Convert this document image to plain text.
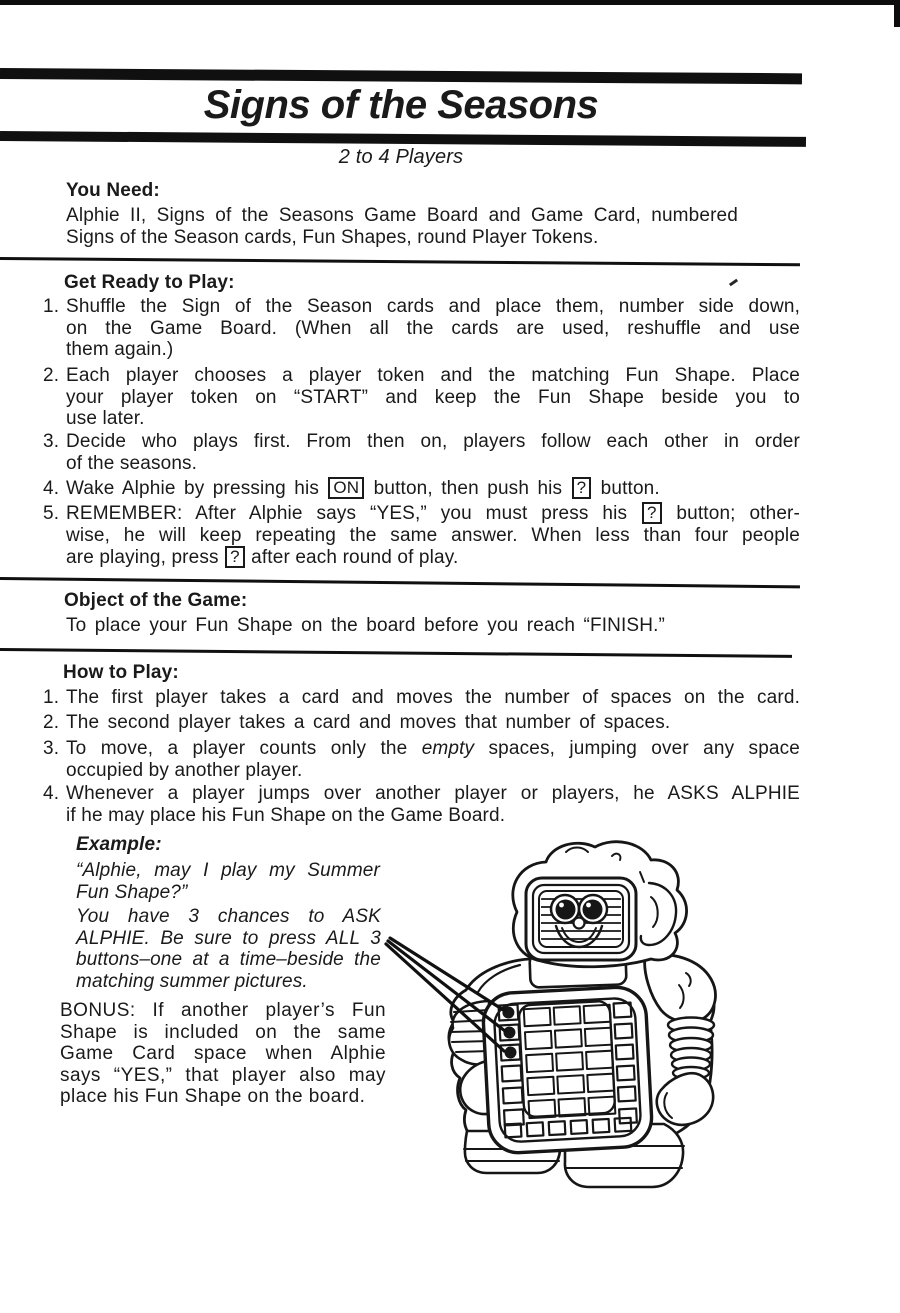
Signs of the Seasons
2 to 4 Players
You Need:
Alphie II, Signs of the Seasons Game Board and Game Card, numbered
Signs of the Season cards, Fun Shapes, round Player Tokens.
Get Ready to Play:
1. Shuffle the Sign of the Season cards and place them, number side down,
on the Game Board. (When all the cards are used, reshuffle and use
them again.)
2. Each player chooses a player token and the matching Fun Shape. Place
your player token on “START” and keep the Fun Shape beside you to
use later.
3. Decide who plays first. From then on, players follow each other in order
of the seasons.
4. Wake Alphie by pressing his ON button, then push his ? button.
5. REMEMBER: After Alphie says “YES,” you must press his ? button; other-
wise, he will keep repeating the same answer. When less than four people
are playing, press ? after each round of play.
Object of the Game:
To place your Fun Shape on the board before you reach “FINISH.”
How to Play:
1. The first player takes a card and moves the number of spaces on the card.
2. The second player takes a card and moves that number of spaces.
3. To move, a player counts only the empty spaces, jumping over any space
occupied by another player.
4. Whenever a player jumps over another player or players, he ASKS ALPHIE
if he may place his Fun Shape on the Game Board.
Example:
“Alphie, may I play my Summer
Fun Shape?”
You have 3 chances to ASK
ALPHIE. Be sure to press ALL 3
buttons–one at a time–beside the
matching summer pictures.
BONUS: If another player’s Fun
Shape is included on the same
Game Card space when Alphie
says “YES,” that player also may
place his Fun Shape on the board.
